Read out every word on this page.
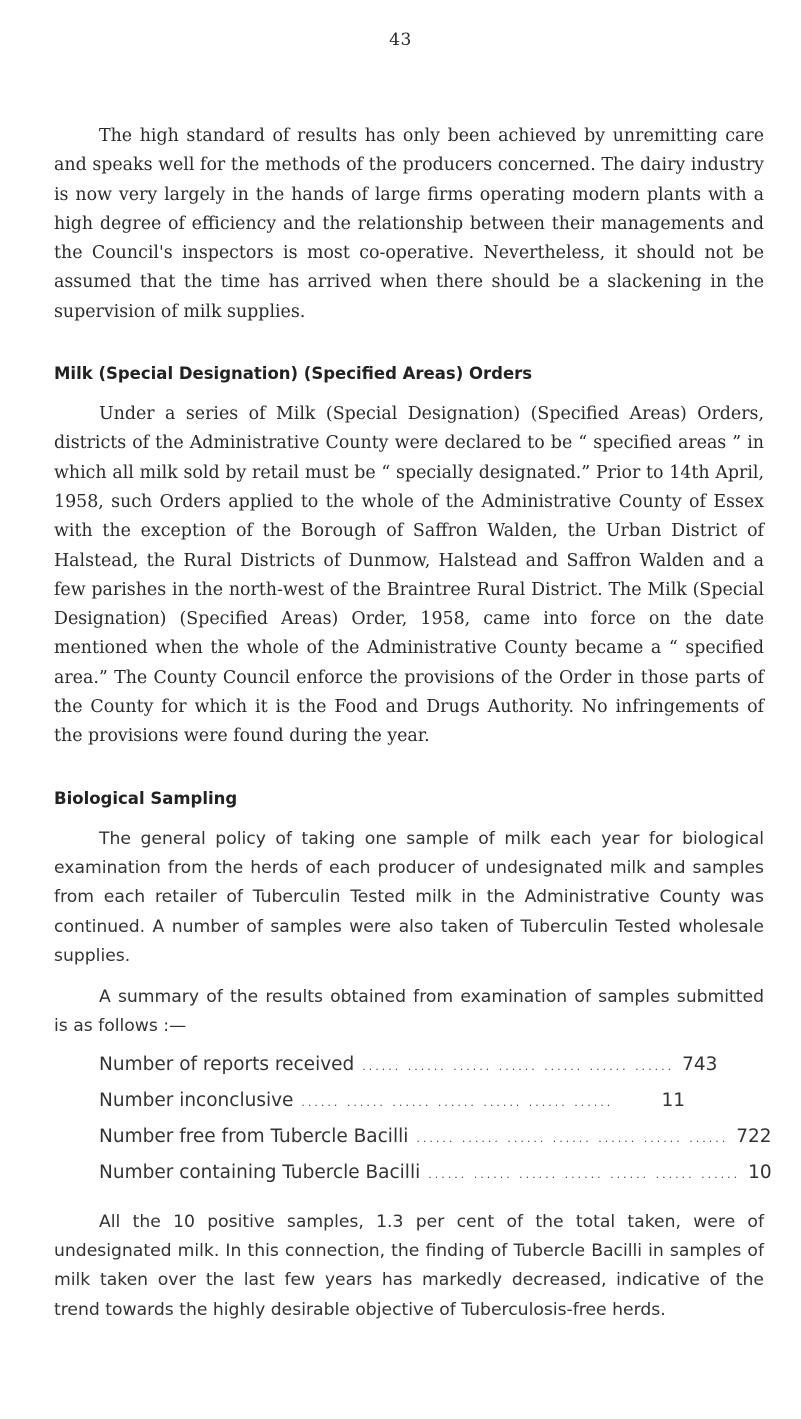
43

The high standard of results has only been achieved by unremitting care and speaks well for the methods of the producers concerned. The dairy industry is now very largely in the hands of large firms operating modern plants with a high degree of efficiency and the relationship between their managements and the Council's inspectors is most co-operative. Nevertheless, it should not be assumed that the time has arrived when there should be a slackening in the supervision of milk supplies.

Milk (Special Designation) (Specified Areas) Orders

Under a series of Milk (Special Designation) (Specified Areas) Orders, districts of the Administrative County were declared to be “ specified areas ” in which all milk sold by retail must be “ specially designated.” Prior to 14th April, 1958, such Orders applied to the whole of the Administrative County of Essex with the exception of the Borough of Saffron Walden, the Urban District of Halstead, the Rural Districts of Dunmow, Halstead and Saffron Walden and a few parishes in the north-west of the Braintree Rural District. The Milk (Special Designation) (Specified Areas) Order, 1958, came into force on the date mentioned when the whole of the Administrative County became a “ specified area.” The County Council enforce the provisions of the Order in those parts of the County for which it is the Food and Drugs Authority. No infringements of the provisions were found during the year.

Biological Sampling

The general policy of taking one sample of milk each year for biological examination from the herds of each producer of undesignated milk and samples from each retailer of Tuberculin Tested milk in the Administrative County was continued. A number of samples were also taken of Tuberculin Tested wholesale supplies.

A summary of the results obtained from examination of samples submitted is as follows :—

Number of reports received ...... ...... ...... ...... ...... ...... ...... 743
Number inconclusive ...... ...... ...... ...... ...... ...... ......	11
Number free from Tubercle Bacilli ...... ...... ...... ...... ...... ...... ...... 722
Number containing Tubercle Bacilli ...... ...... ...... ...... ...... ...... ...... 10

All the 10 positive samples, 1.3 per cent of the total taken, were of undesignated milk. In this connection, the finding of Tubercle Bacilli in samples of milk taken over the last few years has markedly decreased, indicative of the trend towards the highly desirable objective of Tuberculosis-free herds.
